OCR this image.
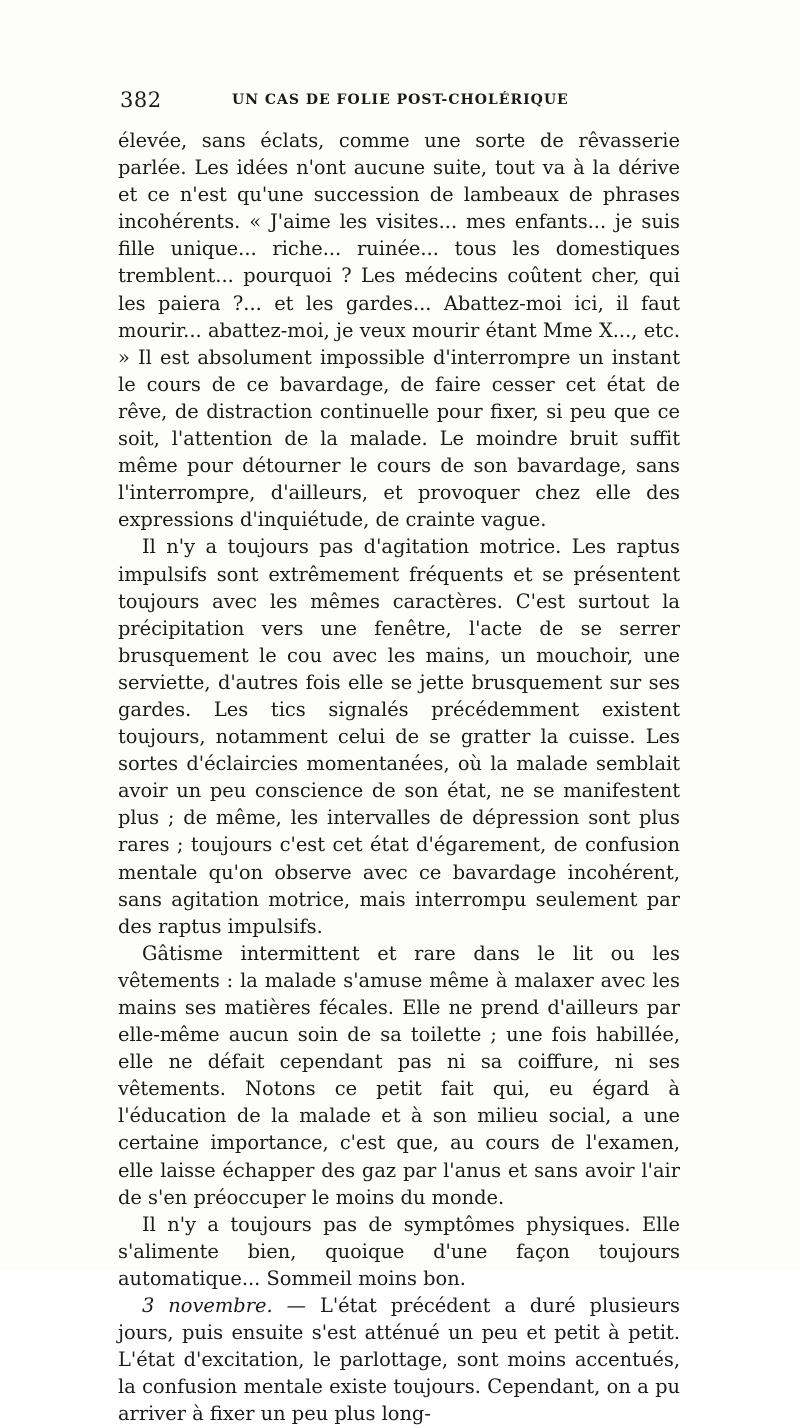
382	UN CAS DE FOLIE POST-CHOLÉRIQUE

élevée, sans éclats, comme une sorte de rêvasserie parlée. Les idées n'ont aucune suite, tout va à la dérive et ce n'est qu'une succession de lambeaux de phrases incohérents. « J'aime les visites... mes enfants... je suis fille unique... riche... ruinée... tous les domestiques tremblent... pourquoi ? Les médecins coûtent cher, qui les paiera ?... et les gardes... Abattez-moi ici, il faut mourir... abattez-moi, je veux mourir étant Mme X..., etc. » Il est absolument impossible d'interrompre un instant le cours de ce bavardage, de faire cesser cet état de rêve, de distraction continuelle pour fixer, si peu que ce soit, l'attention de la malade. Le moindre bruit suffit même pour détourner le cours de son bavardage, sans l'interrompre, d'ailleurs, et provoquer chez elle des expressions d'inquiétude, de crainte vague.

Il n'y a toujours pas d'agitation motrice. Les raptus impulsifs sont extrêmement fréquents et se présentent toujours avec les mêmes caractères. C'est surtout la précipitation vers une fenêtre, l'acte de se serrer brusquement le cou avec les mains, un mouchoir, une serviette, d'autres fois elle se jette brusquement sur ses gardes. Les tics signalés précédemment existent toujours, notamment celui de se gratter la cuisse. Les sortes d'éclaircies momentanées, où la malade semblait avoir un peu conscience de son état, ne se manifestent plus ; de même, les intervalles de dépression sont plus rares ; toujours c'est cet état d'égarement, de confusion mentale qu'on observe avec ce bavardage incohérent, sans agitation motrice, mais interrompu seulement par des raptus impulsifs.

Gâtisme intermittent et rare dans le lit ou les vêtements : la malade s'amuse même à malaxer avec les mains ses matières fécales. Elle ne prend d'ailleurs par elle-même aucun soin de sa toilette ; une fois habillée, elle ne défait cependant pas ni sa coiffure, ni ses vêtements. Notons ce petit fait qui, eu égard à l'éducation de la malade et à son milieu social, a une certaine importance, c'est que, au cours de l'examen, elle laisse échapper des gaz par l'anus et sans avoir l'air de s'en préoccuper le moins du monde.

Il n'y a toujours pas de symptômes physiques. Elle s'alimente bien, quoique d'une façon toujours automatique... Sommeil moins bon.

3 novembre. — L'état précédent a duré plusieurs jours, puis ensuite s'est atténué un peu et petit à petit. L'état d'excitation, le parlottage, sont moins accentués, la confusion mentale existe toujours. Cependant, on a pu arriver à fixer un peu plus long-
